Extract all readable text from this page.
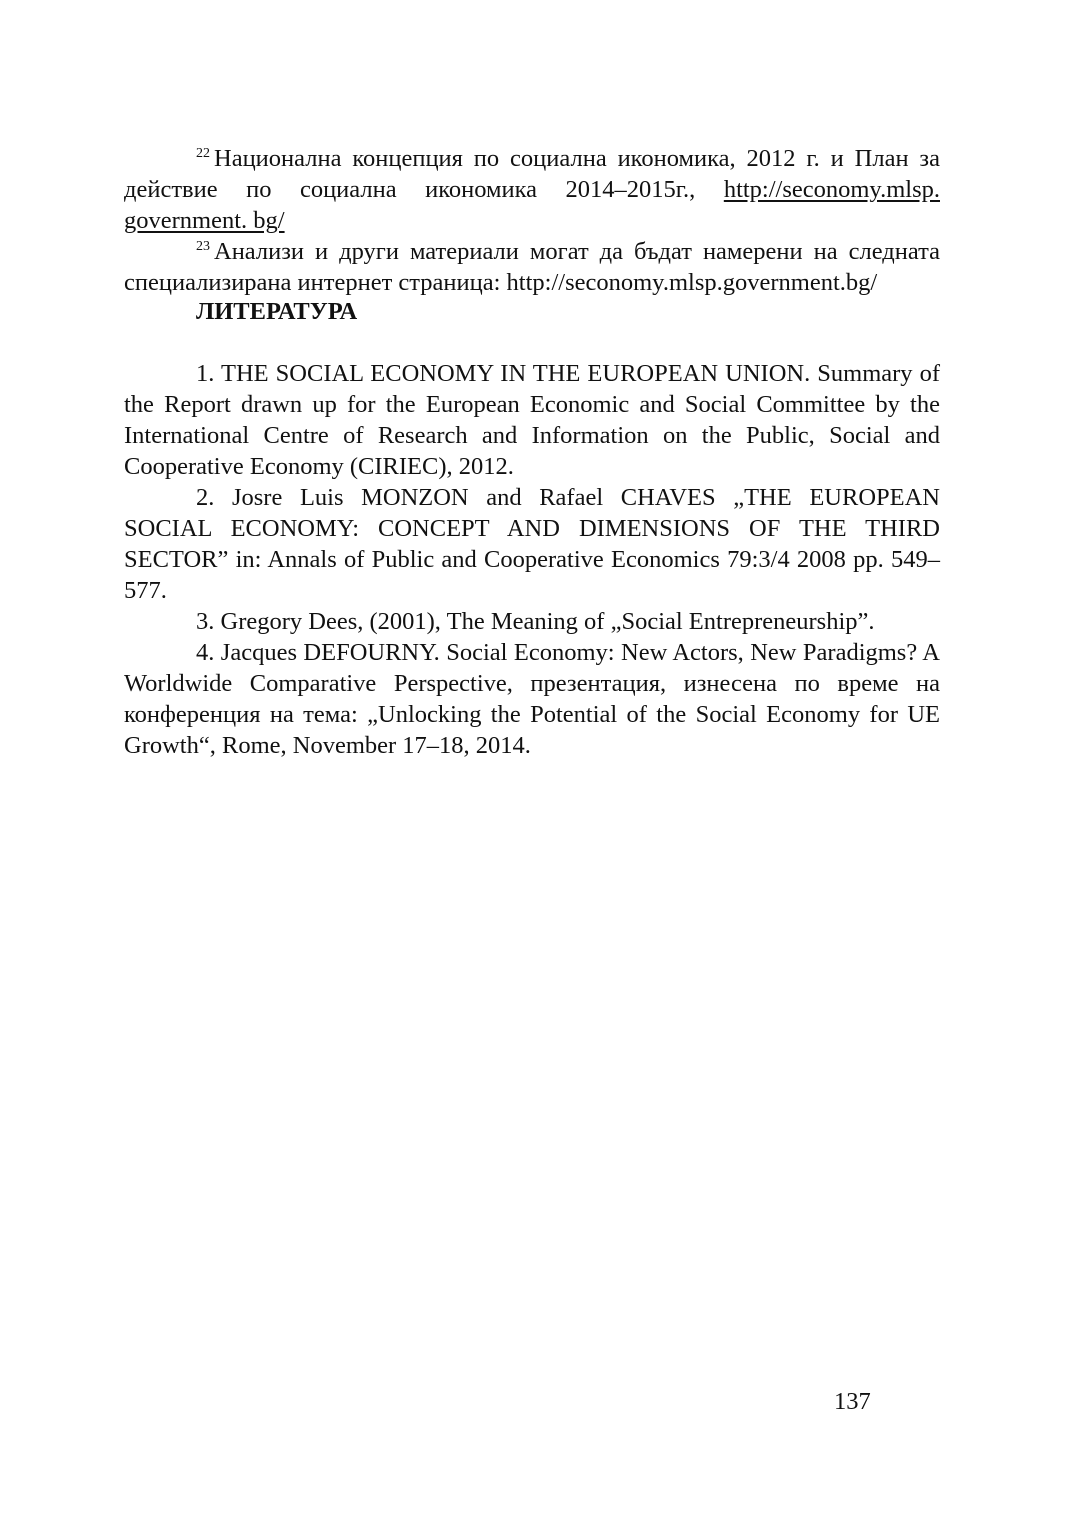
$^{22}$ Национална концепция по социална икономика, 2012 г. и План за действие по социална икономика 2014–2015г., http://seconomy.mlsp. government. bg/

$^{23}$ Анализи и други материали могат да бъдат намерени на следната специализирана интернет страница: http://seconomy.mlsp.government.bg/

ЛИТЕРАТУРА

1. THE SOCIAL ECONOMY IN THE EUROPEAN UNION. Summary of the Report drawn up for the European Economic and Social Committee by the International Centre of Research and Information on the Public, Social and Cooperative Economy (CIRIEC), 2012.

2. Josre Luis MONZON and Rafael CHAVES „THE EUROPEAN SOCIAL ECONOMY: CONCEPT AND DIMENSIONS OF THE THIRD SECTOR” in: Annals of Public and Cooperative Economics 79:3/4 2008 pp. 549–577.

3. Gregory Dees, (2001), The Meaning of „Social Entrepreneurship”.

4. Jacques DEFOURNY. Social Economy: New Actors, New Paradigms? A Worldwide Comparative Perspective, презентация, изнесена по време на конференция на тема: „Unlocking the Potential of the Social Economy for UE Growth“, Rome, November 17–18, 2014.

137
